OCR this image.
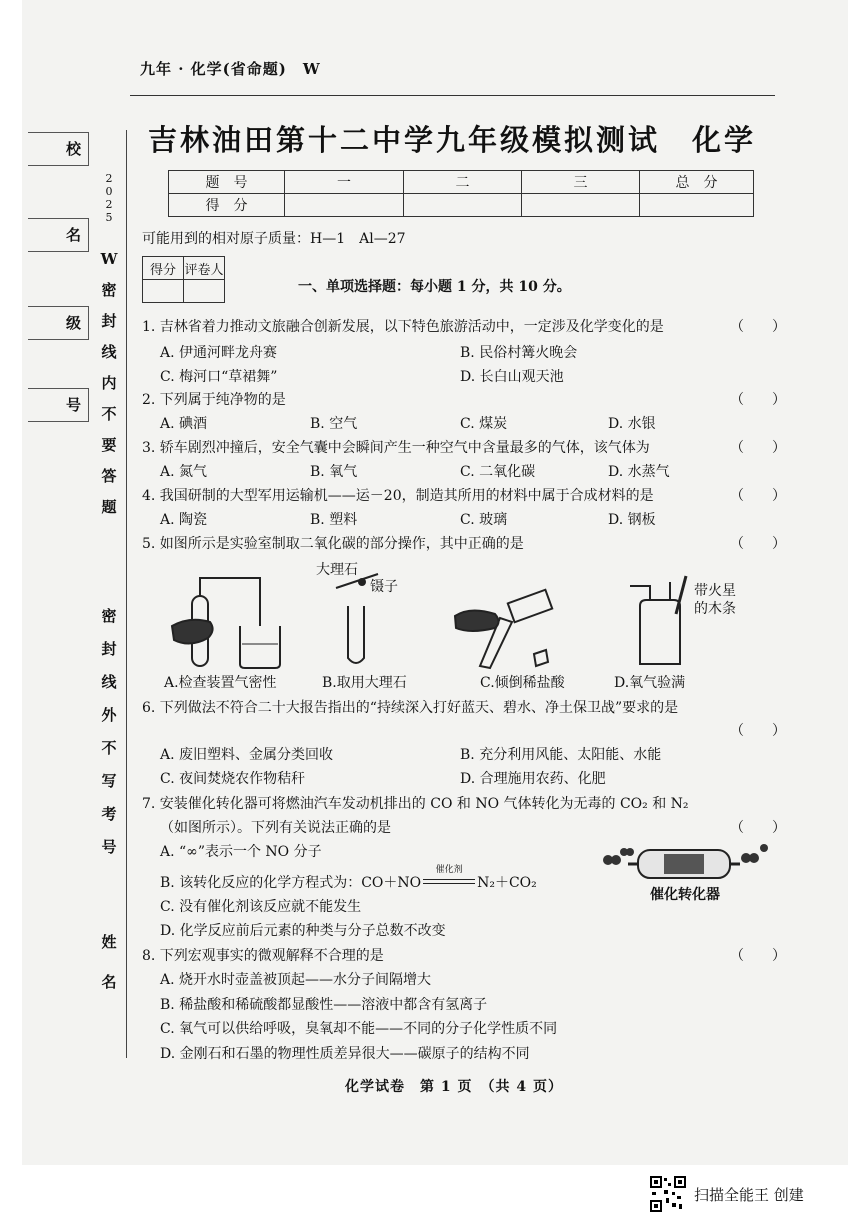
九年 · 化学(省命题)　W
吉林油田第十二中学九年级模拟测试　化学
题　号	一	二	三	总　分
得　分				
可能用到的相对原子质量：H—1　Al—27
得分	评卷人

一、单项选择题：每小题 1 分，共 10 分。
校
名
级
号
2
0
2
5
W
密
封
线
内
不
要
答
题
密
封
线
外
不
写
考
号
姓
名
1. 吉林省着力推动文旅融合创新发展，以下特色旅游活动中，一定涉及化学变化的是	（　　）
A. 伊通河畔龙舟赛	B. 民俗村篝火晚会
C. 梅河口“草裙舞”	D. 长白山观天池
2. 下列属于纯净物的是	（　　）
A. 碘酒	B. 空气	C. 煤炭	D. 水银
3. 轿车剧烈冲撞后，安全气囊中会瞬间产生一种空气中含量最多的气体，该气体为	（　　）
A. 氮气	B. 氧气	C. 二氧化碳	D. 水蒸气
4. 我国研制的大型军用运输机——运－20，制造其所用的材料中属于合成材料的是	（　　）
A. 陶瓷	B. 塑料	C. 玻璃	D. 钢板
5. 如图所示是实验室制取二氧化碳的部分操作，其中正确的是	（　　）
大理石
镊子	带火星
的木条
A.检查装置气密性	B.取用大理石	C.倾倒稀盐酸	D.氧气验满
6. 下列做法不符合二十大报告指出的“持续深入打好蓝天、碧水、净土保卫战”要求的是
（　　）
A. 废旧塑料、金属分类回收	B. 充分利用风能、太阳能、水能
C. 夜间焚烧农作物秸秆	D. 合理施用农药、化肥
7. 安装催化转化器可将燃油汽车发动机排出的 CO 和 NO 气体转化为无毒的 CO₂ 和 N₂
（如图所示）。下列有关说法正确的是	（　　）
A. “∞”表示一个 NO 分子
B. 该转化反应的化学方程式为：CO＋NO
催化剂
N₂＋CO₂
C. 没有催化剂该反应就不能发生
D. 化学反应前后元素的种类与分子总数不改变
催化转化器
8. 下列宏观事实的微观解释不合理的是	（　　）
A. 烧开水时壶盖被顶起——水分子间隔增大
B. 稀盐酸和稀硫酸都显酸性——溶液中都含有氢离子
C. 氧气可以供给呼吸，臭氧却不能——不同的分子化学性质不同
D. 金刚石和石墨的物理性质差异很大——碳原子的结构不同
化学试卷　第 1 页　（共 4 页）
扫描全能王 创建
